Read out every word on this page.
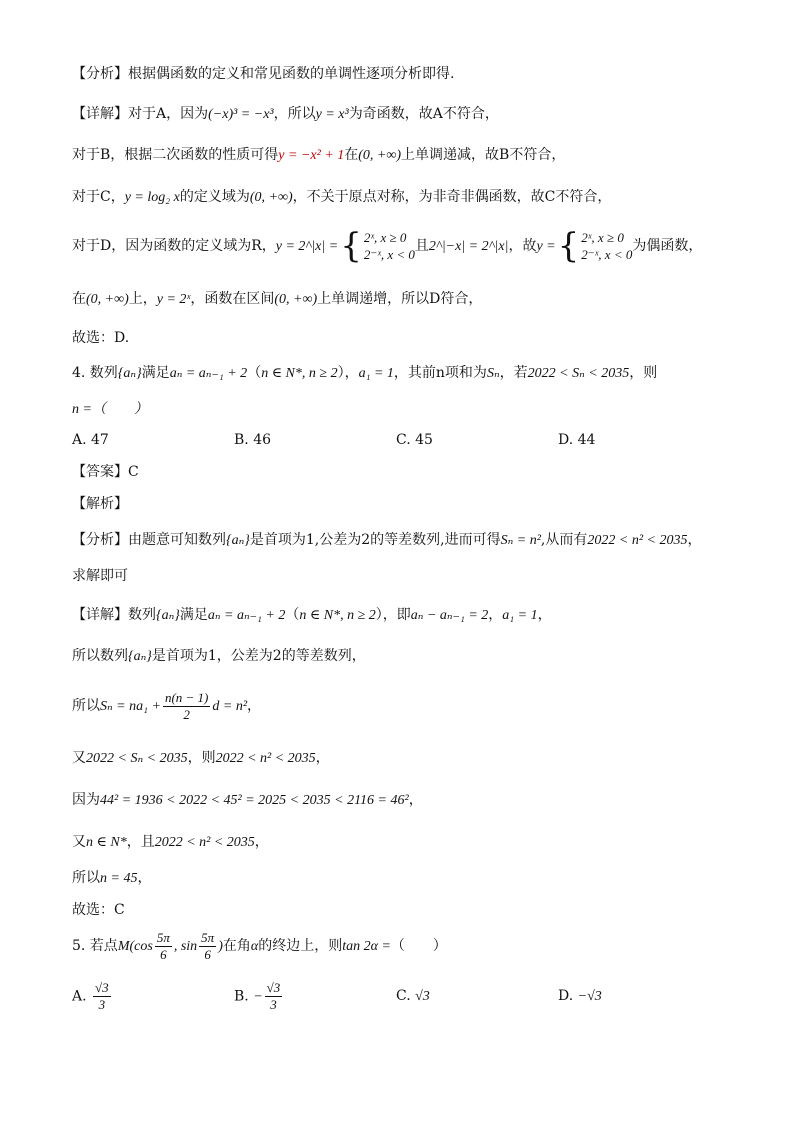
【分析】根据偶函数的定义和常见函数的单调性逐项分析即得.
【详解】对于A，因为(−x)³ = −x³，所以y = x³为奇函数，故A不符合，
对于B，根据二次函数的性质可得y = −x² + 1在(0, +∞)上单调递减，故B不符合，
对于C，y = log₂ x的定义域为(0, +∞)，不关于原点对称，为非奇非偶函数，故C不符合，
对于D，因为函数的定义域为R，y = 2^|x| ={ 2ˣ, x ≥ 0
2⁻ˣ, x < 0
且2^|−x| = 2^|x|，故y ={ 2ˣ, x ≥ 0
2⁻ˣ, x < 0
为偶函数，
在(0, +∞)上，y = 2ˣ，函数在区间(0, +∞)上单调递增，所以D符合，
故选：D.
4. 数列{aₙ}满足aₙ = aₙ₋₁ + 2（n ∈ N*, n ≥ 2），a₁ = 1，其前n项和为Sₙ，若2022 < Sₙ < 2035，则
n =（　　）
A. 47	B. 46	C. 45	D. 44
【答案】C
【解析】
【分析】由题意可知数列{aₙ}是首项为1,公差为2的等差数列,进而可得Sₙ = n²,从而有2022 < n² < 2035，
求解即可
【详解】数列{aₙ}满足aₙ = aₙ₋₁ + 2（n ∈ N*, n ≥ 2），即aₙ − aₙ₋₁ = 2，a₁ = 1，
所以数列{aₙ}是首项为1，公差为2的等差数列，
所以$S_n = na_1 + \frac{n(n - 1)}{2}$ d = n²，
又2022 < Sₙ < 2035，则2022 < n² < 2035，
因为44² = 1936 < 2022 < 45² = 2025 < 2035 < 2116 = 46²，
又n ∈ N*，且2022 < n² < 2035，
所以n = 45，
故选：C
5. 若点$M(\cos \frac{5\pi}{6}$ , $\sin \frac{5\pi}{6}$ )在角α的终边上，则tan 2α =（　　）
A. $\frac{√3}{3}$	B. − $\frac{√3}{3}$	C. √3	D. −√3
